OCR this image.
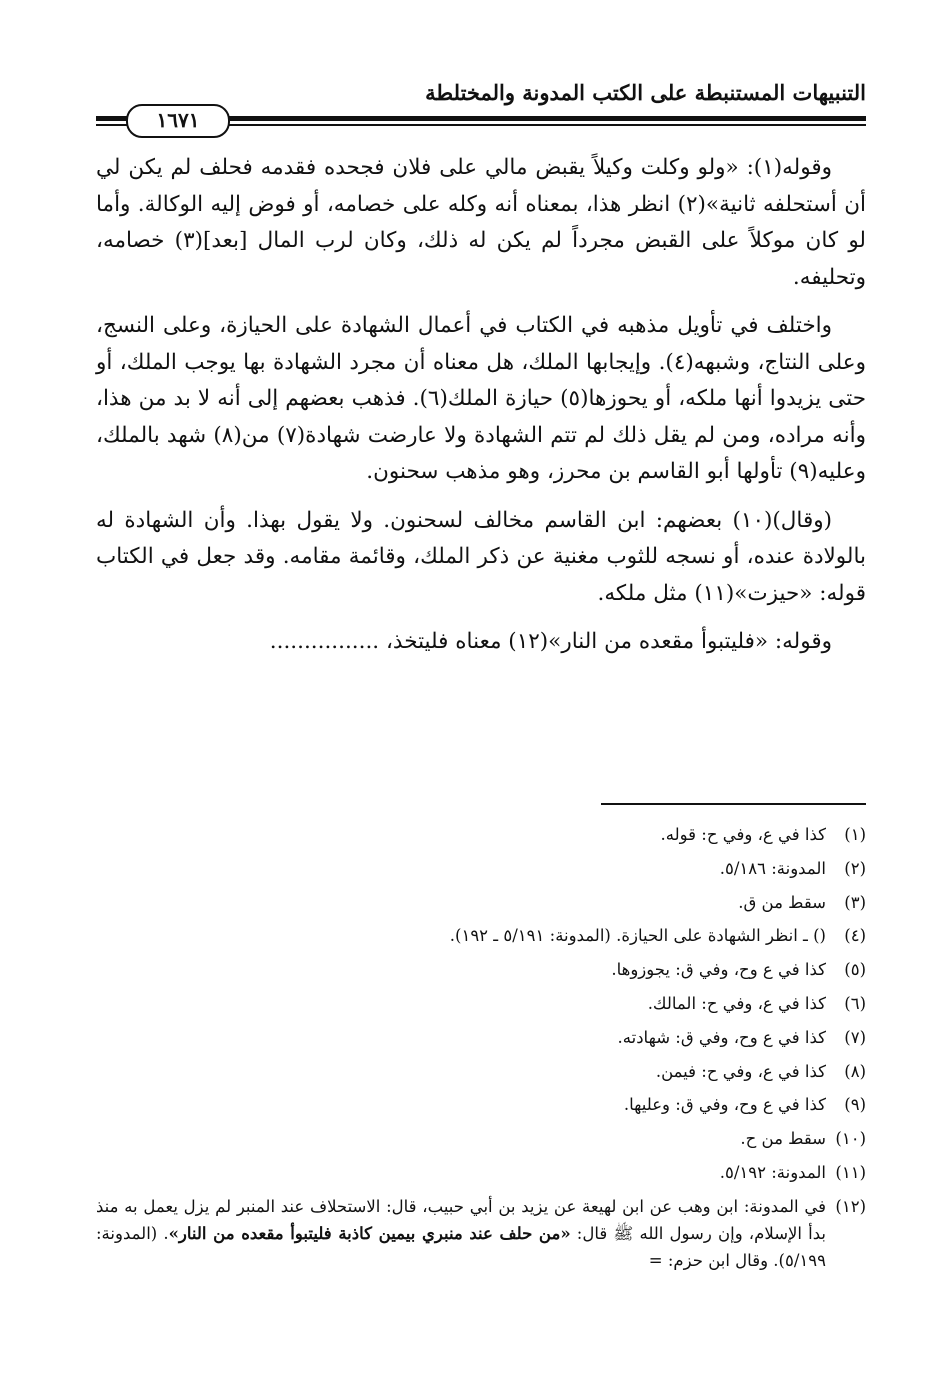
التنبيهات المستنبطة على الكتب المدونة والمختلطة
١٦٧١

وقوله(١): «ولو وكلت وكيلاً يقبض مالي على فلان فجحده فقدمه فحلف لم يكن لي أن أستحلفه ثانية»(٢) انظر هذا، بمعناه أنه وكله على خصامه، أو فوض إليه الوكالة. وأما لو كان موكلاً على القبض مجرداً لم يكن له ذلك، وكان لرب المال [بعد](٣) خصامه، وتحليفه.

واختلف في تأويل مذهبه في الكتاب في أعمال الشهادة على الحيازة، وعلى النسج، وعلى النتاج، وشبهه(٤). وإيجابها الملك، هل معناه أن مجرد الشهادة بها يوجب الملك، أو حتى يزيدوا أنها ملكه، أو يحوزها(٥) حيازة الملك(٦). فذهب بعضهم إلى أنه لا بد من هذا، وأنه مراده، ومن لم يقل ذلك لم تتم الشهادة ولا عارضت شهادة(٧) من(٨) شهد بالملك، وعليه(٩) تأولها أبو القاسم بن محرز، وهو مذهب سحنون.

(وقال)(١٠) بعضهم: ابن القاسم مخالف لسحنون. ولا يقول بهذا. وأن الشهادة له بالولادة عنده، أو نسجه للثوب مغنية عن ذكر الملك، وقائمة مقامه. وقد جعل في الكتاب قوله: «حيزت»(١١) مثل ملكه.

وقوله: «فليتبوأ مقعده من النار»(١٢) معناه فليتخذ، ................

(١)
كذا في ع، وفي ح: قوله.
(٢)
المدونة: ٥/١٨٦.
(٣)
سقط من ق.
(٤)
() ـ انظر الشهادة على الحيازة. (المدونة: ٥/١٩١ ـ ١٩٢).
(٥)
كذا في ع وح، وفي ق: يجوزوها.
(٦)
كذا في ع، وفي ح: المالك.
(٧)
كذا في ع وح، وفي ق: شهادته.
(٨)
كذا في ع، وفي ح: فيمن.
(٩)
كذا في ع وح، وفي ق: وعليها.
(١٠)
سقط من ح.
(١١)
المدونة: ٥/١٩٢.
(١٢)
في المدونة: ابن وهب عن ابن لهيعة عن يزيد بن أبي حبيب، قال: الاستحلاف عند المنبر لم يزل يعمل به منذ بدأ الإسلام، وإن رسول الله ﷺ قال: «من حلف عند منبري بيمين كاذبة فليتبوأ مقعده من النار». (المدونة: ٥/١٩٩). وقال ابن حزم: =
